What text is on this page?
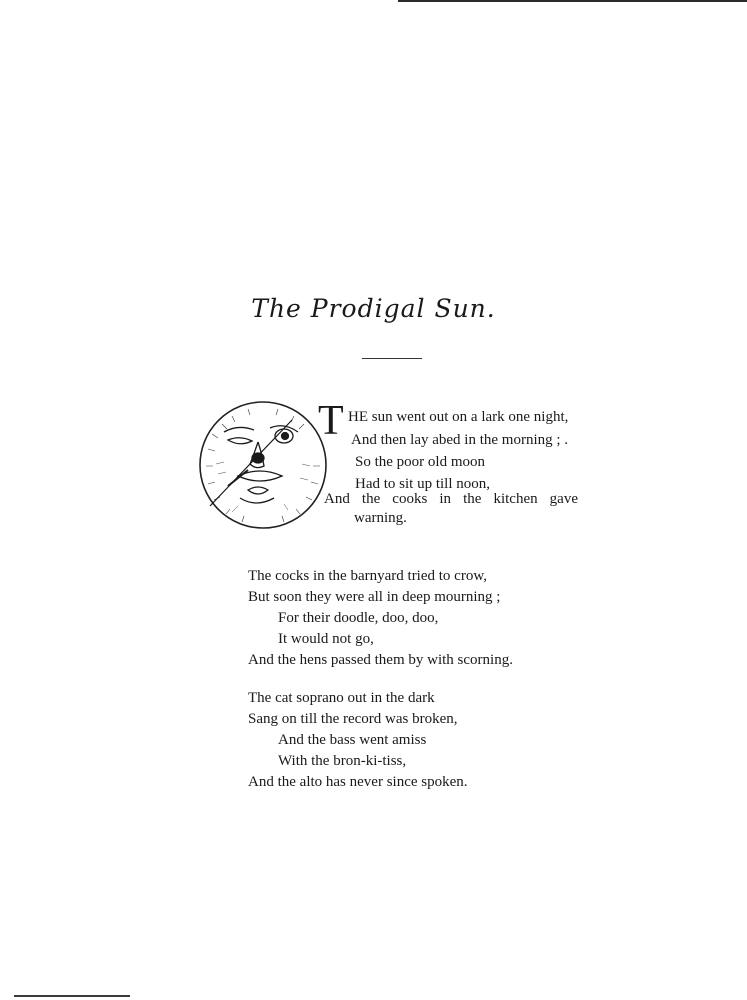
The Prodigal Sun.
T HE sun went out on a lark one night,
And then lay abed in the morning ; .
So the poor old moon
Had to sit up till noon,
And the cooks in the kitchen gave
warning.
The cocks in the barnyard tried to crow,
But soon they were all in deep mourning ;
For their doodle, doo, doo,
It would not go,
And the hens passed them by with scorning.
The cat soprano out in the dark
Sang on till the record was broken,
And the bass went amiss
With the bron-ki-tiss,
And the alto has never since spoken.
